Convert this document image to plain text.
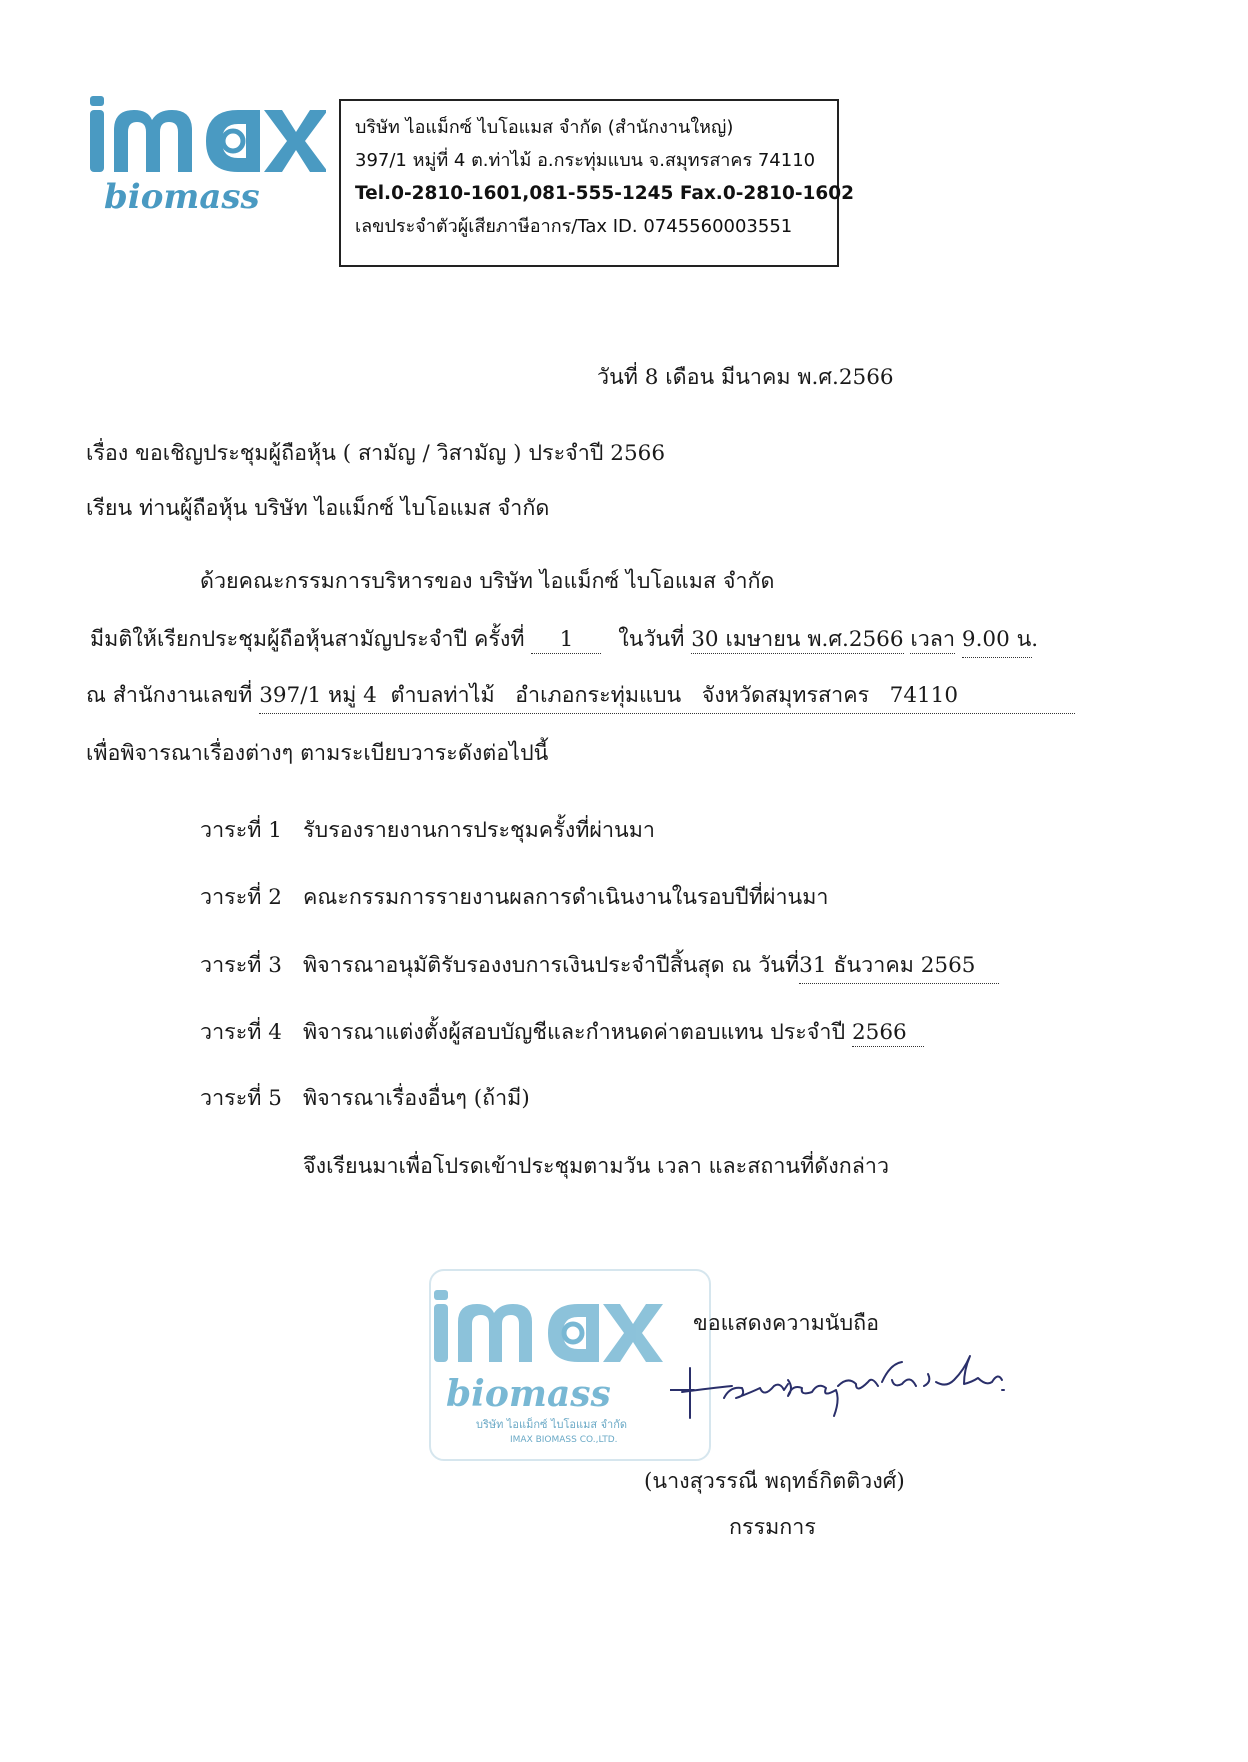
biomass
บริษัท ไอแม็กซ์ ไบโอแมส จำกัด (สำนักงานใหญ่)
397/1 หมู่ที่ 4 ต.ท่าไม้ อ.กระทุ่มแบน จ.สมุทรสาคร 74110
Tel.0-2810-1601,081-555-1245 Fax.0-2810-1602
เลขประจำตัวผู้เสียภาษีอากร/Tax ID. 0745560003551
วันที่ 8 เดือน มีนาคม พ.ศ.2566
เรื่อง ขอเชิญประชุมผู้ถือหุ้น ( สามัญ / วิสามัญ ) ประจำปี 2566
เรียน ท่านผู้ถือหุ้น บริษัท ไอแม็กซ์ ไบโอแมส จำกัด
ด้วยคณะกรรมการบริหารของ บริษัท ไอแม็กซ์ ไบโอแมส จำกัด
มีมติให้เรียกประชุมผู้ถือหุ้นสามัญประจำปี ครั้งที่ 1 ในวันที่ 30 เมษายน พ.ศ.2566 เวลา 9.00 น.
ณ สำนักงานเลขที่ 397/1 หมู่ 4  ตำบลท่าไม้   อำเภอกระทุ่มแบน   จังหวัดสมุทรสาคร   74110
เพื่อพิจารณาเรื่องต่างๆ ตามระเบียบวาระดังต่อไปนี้
วาระที่ 1 รับรองรายงานการประชุมครั้งที่ผ่านมา
วาระที่ 2 คณะกรรมการรายงานผลการดำเนินงานในรอบปีที่ผ่านมา
วาระที่ 3 พิจารณาอนุมัติรับรองงบการเงินประจำปีสิ้นสุด ณ วันที่31 ธันวาคม 2565
วาระที่ 4 พิจารณาแต่งตั้งผู้สอบบัญชีและกำหนดค่าตอบแทน ประจำปี 2566
วาระที่ 5 พิจารณาเรื่องอื่นๆ (ถ้ามี)
จึงเรียนมาเพื่อโปรดเข้าประชุมตามวัน เวลา และสถานที่ดังกล่าว
biomass
บริษัท ไอแม็กซ์ ไบโอแมส จำกัด
IMAX BIOMASS CO.,LTD.
ขอแสดงความนับถือ
(นางสุวรรณี พฤทธ์กิตติวงศ์)
กรรมการ
